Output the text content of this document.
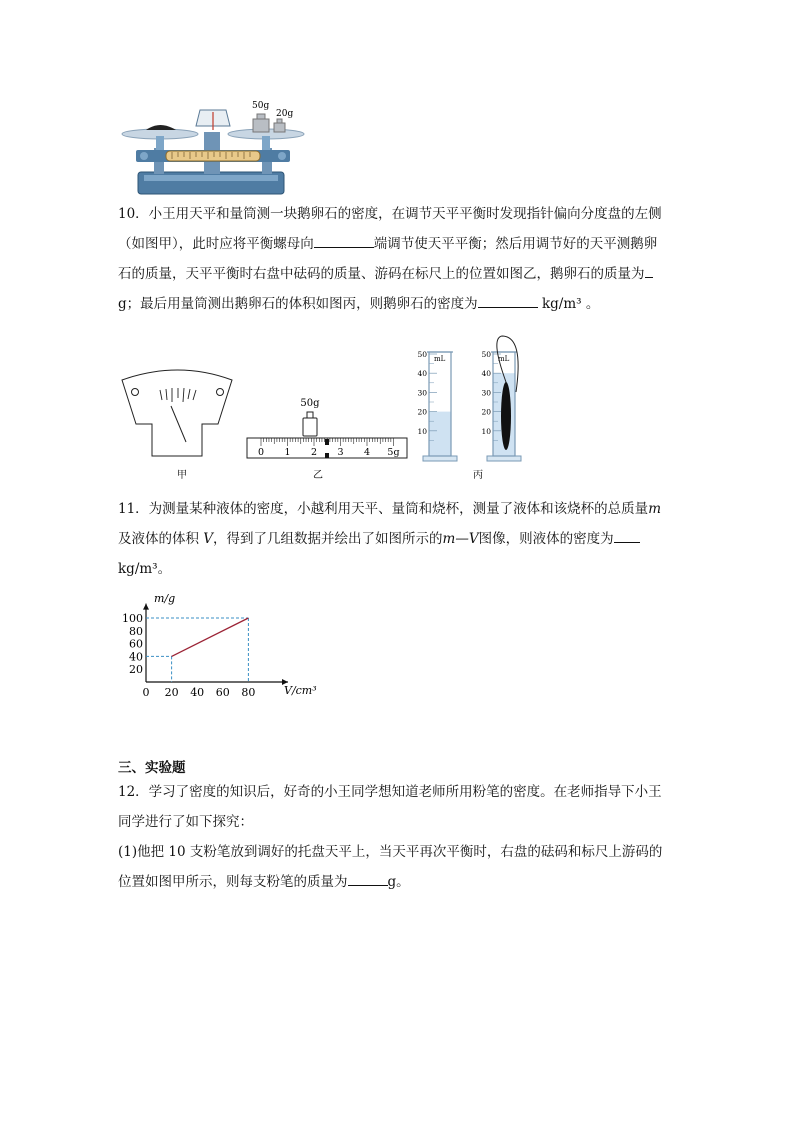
50g
20g

10．小王用天平和量筒测一块鹅卵石的密度，在调节天平平衡时发现指针偏向分度盘的左侧

（如图甲），此时应将平衡螺母向	端调节使天平平衡；然后用调节好的天平测鹅卵

石的质量，天平平衡时右盘中砝码的质量、游码在标尺上的位置如图乙，鹅卵石的质量为

g；最后用量筒测出鹅卵石的体积如图丙，则鹅卵石的密度为	kg/m³ 。

甲
0 1 2 3 4 5g
50g
乙
mL
50
40
30
20
10
mL
50
40
30
20
10
丙

11．为测量某种液体的密度，小越利用天平、量筒和烧杯，测量了液体和该烧杯的总质量m

及液体的体积 V，得到了几组数据并绘出了如图所示的m—V图像，则液体的密度为

kg/m³。

m/g
V/cm³
0 20 40 60 80
100
80
60
40
20
三、实验题

12．学习了密度的知识后，好奇的小王同学想知道老师所用粉笔的密度。在老师指导下小王

同学进行了如下探究：

(1)他把 10 支粉笔放到调好的托盘天平上，当天平再次平衡时，右盘的砝码和标尺上游码的

位置如图甲所示，则每支粉笔的质量为	g。
